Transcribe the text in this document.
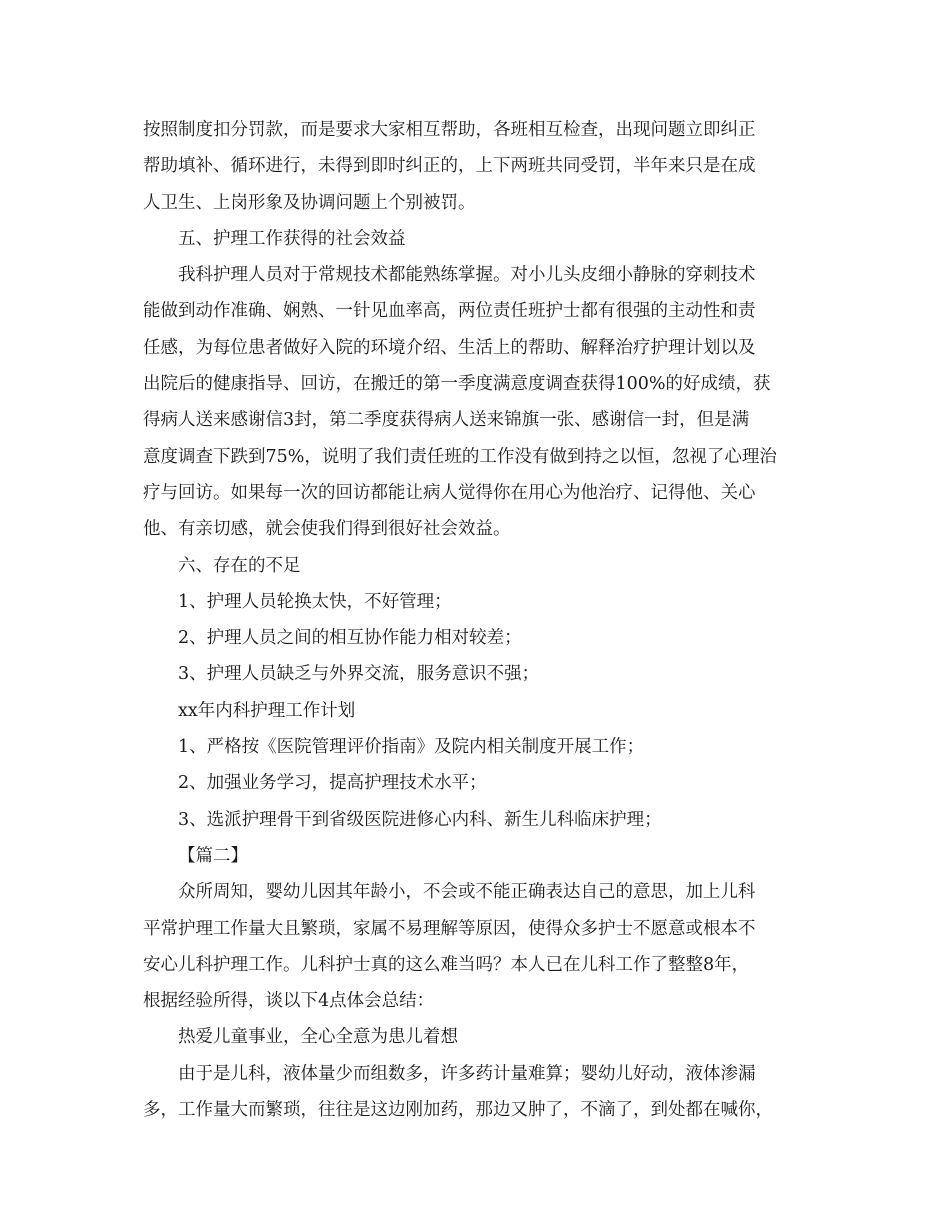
按照制度扣分罚款，而是要求大家相互帮助，各班相互检查，出现问题立即纠正
帮助填补、循环进行，未得到即时纠正的，上下两班共同受罚，半年来只是在成
人卫生、上岗形象及协调问题上个别被罚。
五、护理工作获得的社会效益
我科护理人员对于常规技术都能熟练掌握。对小儿头皮细小静脉的穿刺技术
能做到动作准确、娴熟、一针见血率高，两位责任班护士都有很强的主动性和责
任感，为每位患者做好入院的环境介绍、生活上的帮助、解释治疗护理计划以及
出院后的健康指导、回访，在搬迁的第一季度满意度调查获得100%的好成绩，获
得病人送来感谢信3封，第二季度获得病人送来锦旗一张、感谢信一封，但是满
意度调查下跌到75%，说明了我们责任班的工作没有做到持之以恒，忽视了心理治
疗与回访。如果每一次的回访都能让病人觉得你在用心为他治疗、记得他、关心
他、有亲切感，就会使我们得到很好社会效益。
六、存在的不足
1、护理人员轮换太快，不好管理；
2、护理人员之间的相互协作能力相对较差；
3、护理人员缺乏与外界交流，服务意识不强；
xx年内科护理工作计划
1、严格按《医院管理评价指南》及院内相关制度开展工作；
2、加强业务学习，提高护理技术水平；
3、选派护理骨干到省级医院进修心内科、新生儿科临床护理；
【篇二】
众所周知，婴幼儿因其年龄小，不会或不能正确表达自己的意思，加上儿科
平常护理工作量大且繁琐，家属不易理解等原因，使得众多护士不愿意或根本不
安心儿科护理工作。儿科护士真的这么难当吗？本人已在儿科工作了整整8年，
根据经验所得，谈以下4点体会总结：
热爱儿童事业，全心全意为患儿着想
由于是儿科，液体量少而组数多，许多药计量难算；婴幼儿好动，液体渗漏
多，工作量大而繁琐，往往是这边刚加药，那边又肿了，不滴了，到处都在喊你，
